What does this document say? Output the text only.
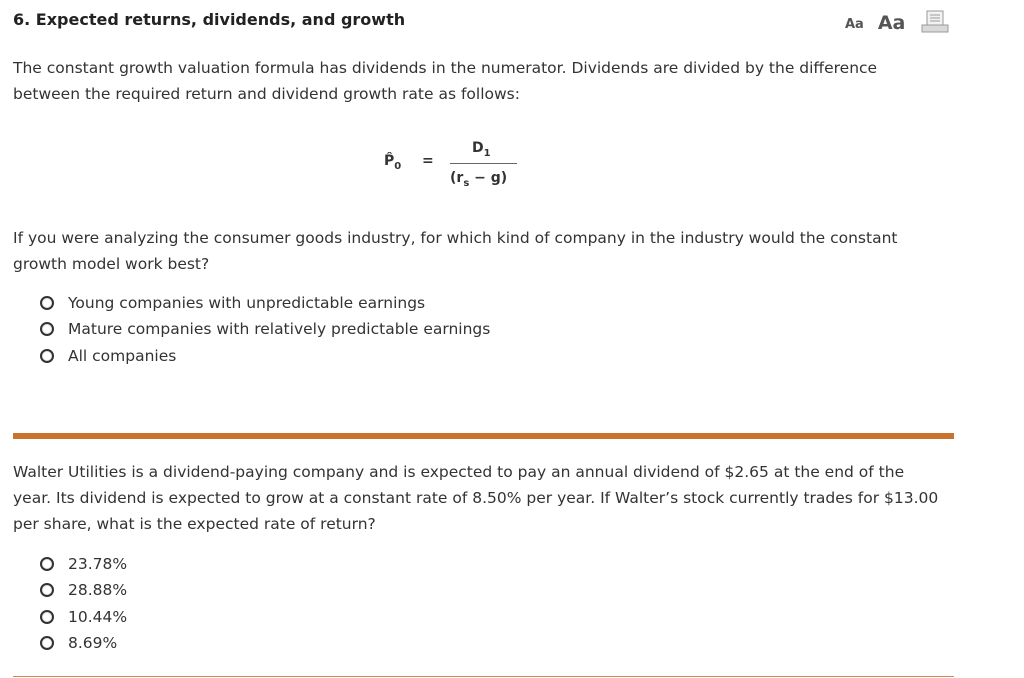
6. Expected returns, dividends, and growth	Aa Aa
The constant growth valuation formula has dividends in the numerator. Dividends are divided by the difference between the required return and dividend growth rate as follows:
$P̂_0$ =
$D_1$
$(r_s - g)$
If you were analyzing the consumer goods industry, for which kind of company in the industry would the constant growth model work best?
Young companies with unpredictable earnings
Mature companies with relatively predictable earnings
All companies
Walter Utilities is a dividend-paying company and is expected to pay an annual dividend of $2.65 at the end of the year. Its dividend is expected to grow at a constant rate of 8.50% per year. If Walter’s stock currently trades for $13.00 per share, what is the expected rate of return?
23.78%
28.88%
10.44%
8.69%
